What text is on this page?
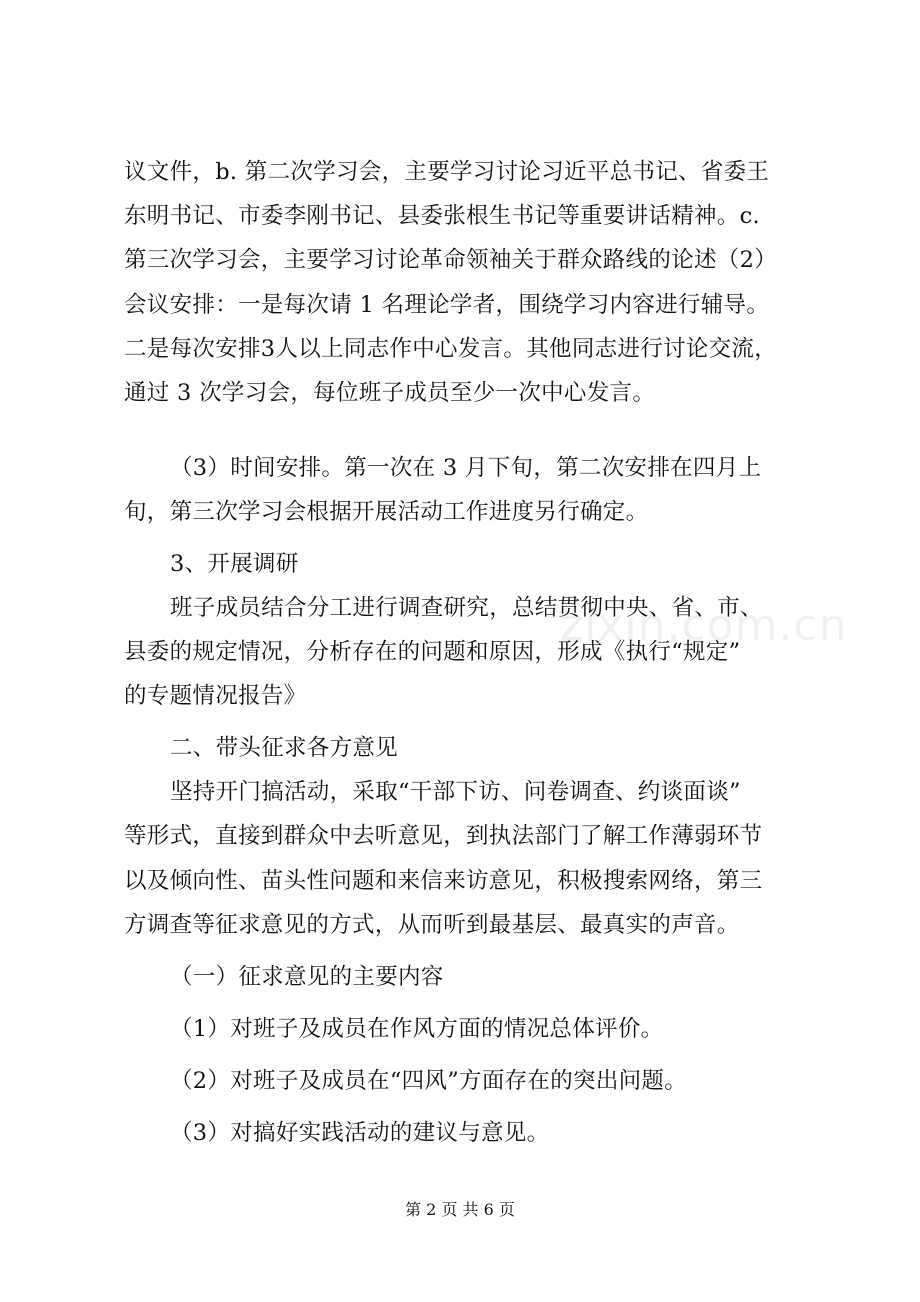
zixin.com.cn
议文件，b. 第二次学习会，主要学习讨论习近平总书记、省委王
东明书记、市委李刚书记、县委张根生书记等重要讲话精神。c.
第三次学习会，主要学习讨论革命领袖关于群众路线的论述（2）
会议安排：一是每次请 1 名理论学者，围绕学习内容进行辅导。
二是每次安排3人以上同志作中心发言。其他同志进行讨论交流，
通过 3 次学习会，每位班子成员至少一次中心发言。
（3）时间安排。第一次在 3 月下旬，第二次安排在四月上
旬，第三次学习会根据开展活动工作进度另行确定。
3、开展调研
班子成员结合分工进行调查研究，总结贯彻中央、省、市、
县委的规定情况，分析存在的问题和原因，形成《执行“规定”
的专题情况报告》
二、带头征求各方意见
坚持开门搞活动，采取“干部下访、问卷调查、约谈面谈”
等形式，直接到群众中去听意见，到执法部门了解工作薄弱环节
以及倾向性、苗头性问题和来信来访意见，积极搜索网络，第三
方调查等征求意见的方式，从而听到最基层、最真实的声音。
（一）征求意见的主要内容
（1）对班子及成员在作风方面的情况总体评价。
（2）对班子及成员在“四风”方面存在的突出问题。
（3）对搞好实践活动的建议与意见。
第 2 页 共 6 页
